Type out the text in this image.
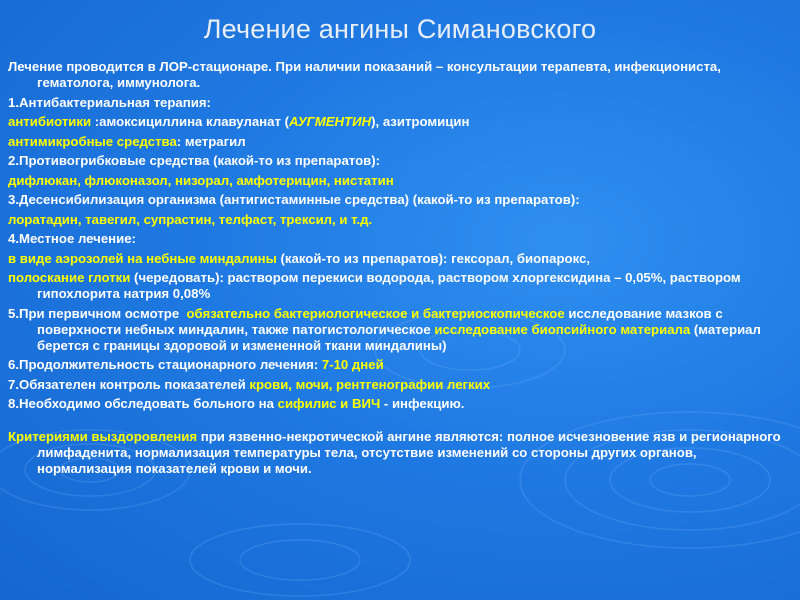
Лечение ангины Симановского
Лечение проводится в ЛОР-стационаре. При наличии показаний – консультации терапевта, инфекциониста, гематолога, иммунолога.
1.Антибактериальная терапия:
антибиотики :амоксициллина клавуланат (АУГМЕНТИН), азитромицин
антимикробные средства: метрагил
2.Противогрибковые средства (какой-то из препаратов):
дифлюкан, флюконазол, низорал, амфотерицин, нистатин
3.Десенсибилизация организма (антигистаминные средства) (какой-то из препаратов):
лоратадин, тавегил, супрастин, телфаст, трексил, и т.д.
4.Местное лечение:
в виде аэрозолей на небные миндалины (какой-то из препаратов): гексорал, биопарокс,
полоскание глотки (чередовать): раствором перекиси водорода, раствором хлоргексидина – 0,05%, раствором гипохлорита натрия 0,08%
5.При первичном осмотре  обязательно бактериологическое и бактериоскопическое исследование мазков с поверхности небных миндалин, также патогистологическое исследование биопсийного материала (материал берется с границы здоровой и измененной ткани миндалины)
6.Продолжительность стационарного лечения: 7-10 дней
7.Обязателен контроль показателей крови, мочи, рентгенографии легких
8.Необходимо обследовать больного на сифилис и ВИЧ - инфекцию.
Критериями выздоровления при язвенно-некротической ангине являются: полное исчезновение язв и регионарного лимфаденита, нормализация температуры тела, отсутствие изменений со стороны других органов, нормализация показателей крови и мочи.
